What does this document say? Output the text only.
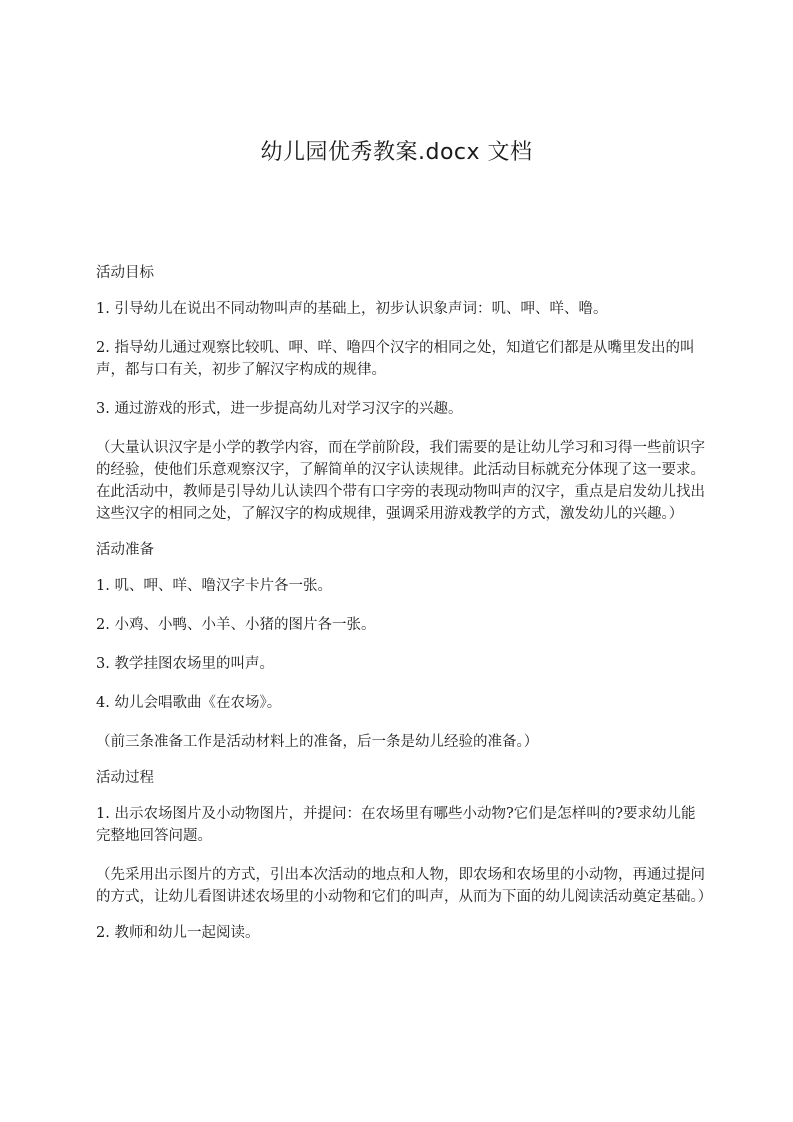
幼儿园优秀教案.docx 文档

活动目标

1. 引导幼儿在说出不同动物叫声的基础上，初步认识象声词：叽、呷、咩、噜。

2. 指导幼儿通过观察比较叽、呷、咩、噜四个汉字的相同之处，知道它们都是从嘴里发出的叫声，都与口有关，初步了解汉字构成的规律。

3. 通过游戏的形式，进一步提高幼儿对学习汉字的兴趣。

（大量认识汉字是小学的教学内容，而在学前阶段，我们需要的是让幼儿学习和习得一些前识字的经验，使他们乐意观察汉字，了解简单的汉字认读规律。此活动目标就充分体现了这一要求。在此活动中，教师是引导幼儿认读四个带有口字旁的表现动物叫声的汉字，重点是启发幼儿找出这些汉字的相同之处，了解汉字的构成规律，强调采用游戏教学的方式，激发幼儿的兴趣。）

活动准备

1. 叽、呷、咩、噜汉字卡片各一张。

2. 小鸡、小鸭、小羊、小猪的图片各一张。

3. 教学挂图农场里的叫声。

4. 幼儿会唱歌曲《在农场》。

（前三条准备工作是活动材料上的准备，后一条是幼儿经验的准备。）

活动过程

1. 出示农场图片及小动物图片，并提问：在农场里有哪些小动物?它们是怎样叫的?要求幼儿能完整地回答问题。

（先采用出示图片的方式，引出本次活动的地点和人物，即农场和农场里的小动物，再通过提问的方式，让幼儿看图讲述农场里的小动物和它们的叫声，从而为下面的幼儿阅读活动奠定基础。）

2. 教师和幼儿一起阅读。
